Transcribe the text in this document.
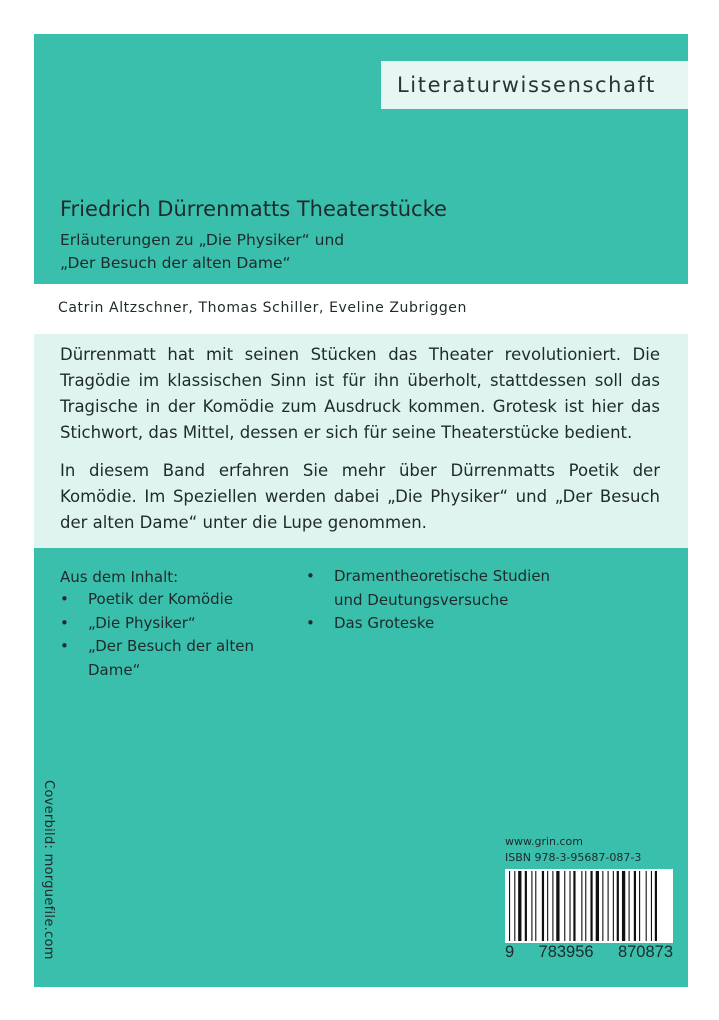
Literaturwissenschaft
Friedrich Dürrenmatts Theaterstücke
Erläuterungen zu „Die Physiker“ und
„Der Besuch der alten Dame“
Catrin Altzschner, Thomas Schiller, Eveline Zubriggen

Dürrenmatt hat mit seinen Stücken das Theater revolutioniert. Die Tragödie im klassischen Sinn ist für ihn überholt, stattdessen soll das Tragische in der Komödie zum Ausdruck kommen. Grotesk ist hier das Stichwort, das Mittel, dessen er sich für seine Theaterstücke bedient.

In diesem Band erfahren Sie mehr über Dürrenmatts Poetik der Komödie. Im Speziellen werden dabei „Die Physiker“ und „Der Besuch der alten Dame“ unter die Lupe genommen.

Aus dem Inhalt:
• Poetik der Komödie
• „Die Physiker“
• „Der Besuch der alten Dame“
• Dramentheoretische Studien und Deutungsversuche
• Das Groteske
Coverbild: morguefile.com	www.grin.com
ISBN 978-3-95687-087-3
9 783956 870873
